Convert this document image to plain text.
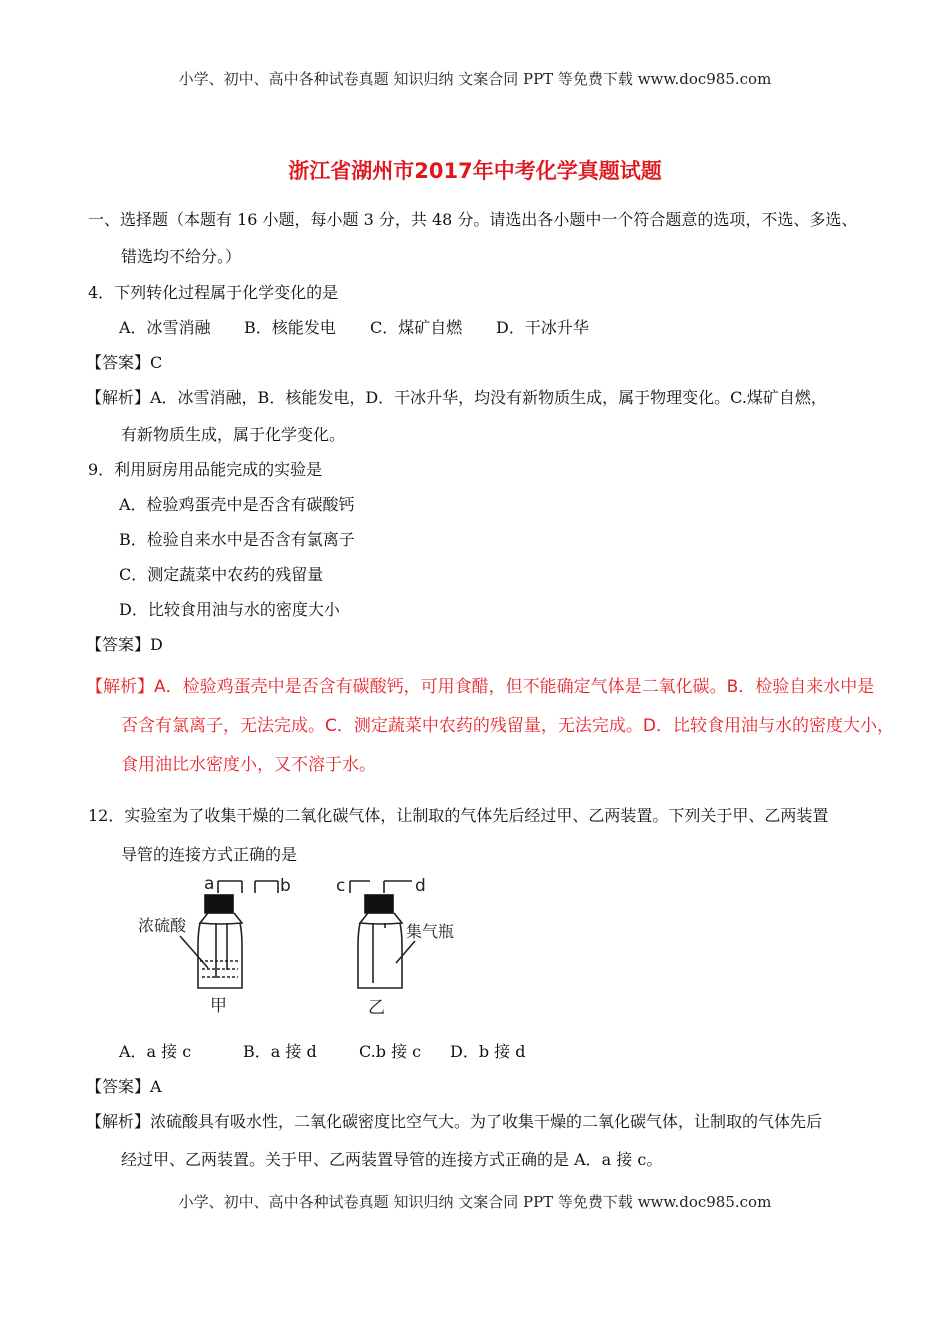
小学、初中、高中各种试卷真题 知识归纳 文案合同 PPT 等免费下载 www.doc985.com
浙江省湖州市2017年中考化学真题试题
一、选择题（本题有 16 小题，每小题 3 分，共 48 分。请选出各小题中一个符合题意的选项，不选、多选、
错选均不给分。）
4．下列转化过程属于化学变化的是
A．冰雪消融 B．核能发电 C．煤矿自燃 D．干冰升华
【答案】C
【解析】A．冰雪消融，B．核能发电，D．干冰升华，均没有新物质生成，属于物理变化。C.煤矿自燃，
有新物质生成，属于化学变化。
9．利用厨房用品能完成的实验是
A．检验鸡蛋壳中是否含有碳酸钙
B．检验自来水中是否含有氯离子
C．测定蔬菜中农药的残留量
D．比较食用油与水的密度大小
【答案】D
【解析】A．检验鸡蛋壳中是否含有碳酸钙，可用食醋，但不能确定气体是二氧化碳。B．检验自来水中是
否含有氯离子，无法完成。C．测定蔬菜中农药的残留量，无法完成。D．比较食用油与水的密度大小，
食用油比水密度小，又不溶于水。
12．实验室为了收集干燥的二氧化碳气体，让制取的气体先后经过甲、乙两装置。下列关于甲、乙两装置
导管的连接方式正确的是
a	b	c	d
浓硫酸	集气瓶
甲	乙
A．a 接 c	B．a 接 d	C.b 接 c D．b 接 d
【答案】A
【解析】浓硫酸具有吸水性，二氧化碳密度比空气大。为了收集干燥的二氧化碳气体，让制取的气体先后
经过甲、乙两装置。关于甲、乙两装置导管的连接方式正确的是 A．a 接 c。
小学、初中、高中各种试卷真题 知识归纳 文案合同 PPT 等免费下载 www.doc985.com
